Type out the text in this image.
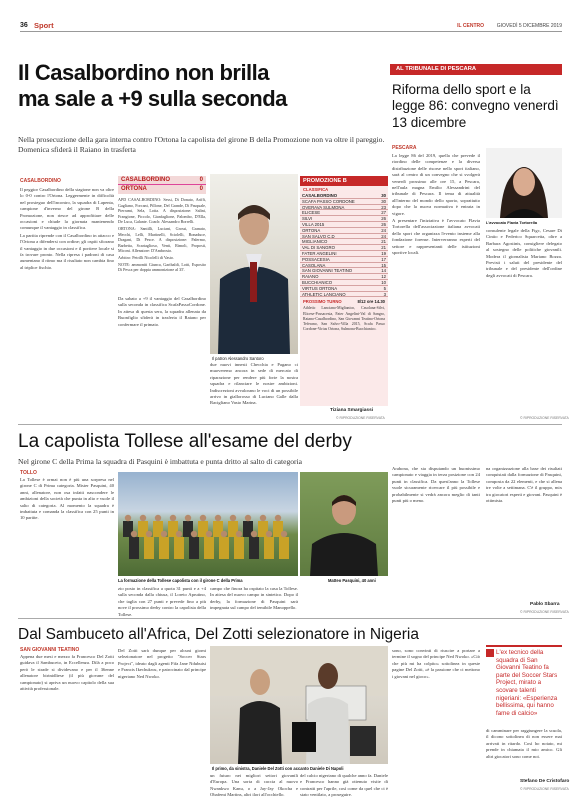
36 Sport	IL CENTRO	GIOVEDÌ 5 DICEMBRE 2019
Il Casalbordino non brilla
ma sale a +9 sulla seconda
Nella prosecuzione della gara interna contro l'Ortona la capolista del girone B della Promozione non va oltre il pareggio. Domenica sfiderà il Raiano in trasferta
CASALBORDINO

Il peggior Casalbordino della stagione non va oltre lo 0-0 contro l'Ortona. Leggermente in difficoltà nel prosieguo dell'incontro, la squadra di Lapenta, campione d'inverno del girone B della Promozione, non riesce ad approfittare delle occasioni e chiude la giornata mantenendo comunque il vantaggio in classifica.

La partita riprende con il Casalbordino in attacco e l'Ortona a difendersi con ordine; gli ospiti sfiorano il vantaggio in due occasioni e il portiere locale si fa trovare pronto. Nella ripresa i padroni di casa aumentano il ritmo ma il risultato non cambia fino al triplice fischio.

CASALBORDINO	0
ORTONA	0

APD CASALBORDINO: Sessi, Di Donato, Ariffi, Gagliano, Forcani, Pillone, Del Grande, Di Pasquale, Pierrami, Sela, Lotta. A disposizione: Salini, Frangione, Piccolo, Gianfaglione, Palombo, D'Ella, De Luca, Galante. Coach: Alessandro Borrelli.

ORTONA: Santilli, Luciani, Grossi, Granato, Mecchi, Lelli, Martinelli, Sciolelli, Bonaduce, Dragani, Di Pesce. A disposizione: Palermo, Barbetta, Scartaglioso, Venti, Rimoli, Proposti, Miconi. Allenatore: D'Ambrosio.

Arbitro: Petrilli Nicolelli di Vasto.

NOTE: ammoniti Giunca, Garibaldi, Lotti, Esposito Di Pesca per doppia ammonizione al 35'.

Da sabato a +9 il vantaggio del Casalbordino sulla seconda in classifica ScafaPassoCordone. In attesa di questa sera, la squadra allenata da Buonfiglio sfiderà in trasferta il Raiano per confermare il primato.

Il patron Alessandro Santoro

due nuovi innesti Checchia e Pagano ci muoveremo ancora in sede di mercato di riparazione per rendere più forte la nostra squadra e rilanciare le nostre ambizioni. Indiscrezioni avvalorano le voci di un possibile arrivo in giallorosso di Luciano Galle dalla Racigliano Vasto Marina.

PROMOZIONE B
CLASSIFICA
CASALBORDINO	30
SCAFA PASSO CORDONE	30
OVERAVA SULMONA	23
ELICESE	27
SILVI	26
VILLA 2015	26
ORTONA	24
SAN SALVO C.D	24
MIGLIANICO	21
VAL DI SANGRO	21
FATER ANGELINI	19
POSSACESIA	17
CASOLANA	15
SAN GIOVANNI TEATINO	14
RAIANO	12
BUCCHIANICO	10
VIRTUS ORTONA	5
ATHLETIC LANCIANO	3
PROSSIMO TURNO	8/12 ore 14.30
Athletic Lanciano-Miglianico, Casolana-Silvi, Elicese-Possacesia, Fater Angelini-Val di Sangro, Raiano-Casalbordino, San Giovanni Teatino-Ortona Teferano, San Salvo-Villa 2015, Scafa Passo Cordone-Virtus Ortona, Sulmona-Bucchianico.
Tiziana Smargiassi
© RIPRODUZIONE RISERVATA
AL TRIBUNALE DI PESCARA
Riforma dello sport e la legge 86: convegno venerdì 13 dicembre
PESCARA

La legge 86 del 2019, quella che prevede il riordino delle competenze e la diversa distribuzione delle risorse nello sport italiano, sarà al centro di un convegno che si svolgerà venerdì prossimo alle ore 15, a Pescara, nell'aula magna Emilio Alessandrini del tribunale di Pescara. Il tema di attualità all'interno del mondo dello sporto, soprattutto dopo che la nuova normativa è entrata in vigore.

A presentare l'iniziativa è l'avvocato Flavia Tortorella dell'associazione italiana avvocati dello sport che organizza l'evento insieme alla fondazione forense. Interverranno esperti del settore e rappresentanti delle istituzioni sportive locali.

L'avvocato Flavia Tortorella

consulente legale della Figc, Cesare Di Cintio e Federico Squarcetta, oltre a Barbara Agostinis, consigliere delegato al sostegno delle politiche giovanili. Modera il giornalista Mariano Bozza. Previsti i saluti del presidente del tribunale e del presidente dell'ordine degli avvocati di Pescara.

© RIPRODUZIONE RISERVATA
La capolista Tollese all'esame del derby
Nel girone C della Prima la squadra di Pasquini è imbattuta e punta dritto al salto di categoria
TOLLO

La Tollese è ormai non è più una sorpresa nel girone C di Prima categoria. Mister Pasquini, 40 anni, allenatore, non osa infatti nascondere le ambizioni della società che punta in alto e vuole il salto di categoria. Al momento la squadra è imbattuta e comanda la classifica con 25 punti in 10 partite.

La formazione della Tollese capolista con il girone C della Prima	Matteo Pasquini, 40 anni

zio posto in classifica a quota 31 punti e a +4 sulla seconda dalla chiusa, il Loreto Aprutino, che taglia con 27 punti e prevede fino a più nove il prossimo derby contro la capolista della Tollese.

campo che finora ha ospitato la casa la Tollese. In attesa del nuovo campo in sintetico. Dopo il derby, la formazione di Pasquini sarà impegnata sul campo del temibile Manoppello.

Arabona, che sta disputando un buonissimo campionato e viaggia in terza posizione con 24 punti in classifica. Da quest'anno la Tollese vuole sicuramente ricercare il più possibile e probabilmente si vedrà ancora meglio di tanti punti più o meno.

na organizzazione alla base dei risultati conquistati dalla formazione di Pasquini, composta da 22 elementi, e che si allena tre volte a settimana. C'è il gruppo, mix tra giocatori esperti e giovani. Pasquini è ottimista.

Pablo Sbarra
© RIPRODUZIONE RISERVATA
Dal Sambuceto all'Africa, Del Zotti selezionatore in Nigeria
SAN GIOVANNI TEATINO

Appena due mesi e mezzo fa Francesco Del Zotti guidava il Sambuceto, in Eccellenza. Dilà a poco però le strade si dividevano e per il 36enne allenatore birinidliese (il più giovane del campionato) si apriva un nuovo capitolo della sua attività professionale.

Del Zotti sarà dunque per alcuni giorni selezionatore nel progetto "Soccer Stars Project", ideato dagli agenti Fifa Jane Ndubuisi e Francis Ikechukwu, e patrocinato dal principe nigeriano Ned Nwoko.

Il primo, da sinistra, Daniele Del Zotti con accanto Daniele Di Napoli

un futuro nei migliori settori giovanili d'Europa. Una sorta di caccia al nuovo Nwankwo Kanu, o a Jay-Jay Okocha e Obafemi Martins, altri ilori all'occhiello.

del calcio nigeriano di qualche anno fa. Daniele e Francesco hanno già ottenuto visite di contratti per l'aprile, così come da quel che ci è stato ventilato, a proseguire.

sono, sono convinti di riuscire a portare a termine il sogno del principe Ned Nwoko. «Ciò che più mi ha colpito» sottolinea in queste pagine Del Zotti, «è la passione che ci mettono i giovani nel gioco».

L'ex tecnico della squadra di San Giovanni Teatino fa parte del Soccer Stars Project, mirato a scovare talenti nigeriani: «Esperienza bellissima, qui hanno fame di calcio»

di camminare per raggiungere la scuola, il dicono sottolinea di non essere mai arrivati in ritardo. Così ho notato, mi prende in chiamata il mio amico. Gli altri giocatori sono come noi.

Stefano De Cristofaro
© RIPRODUZIONE RISERVATA
